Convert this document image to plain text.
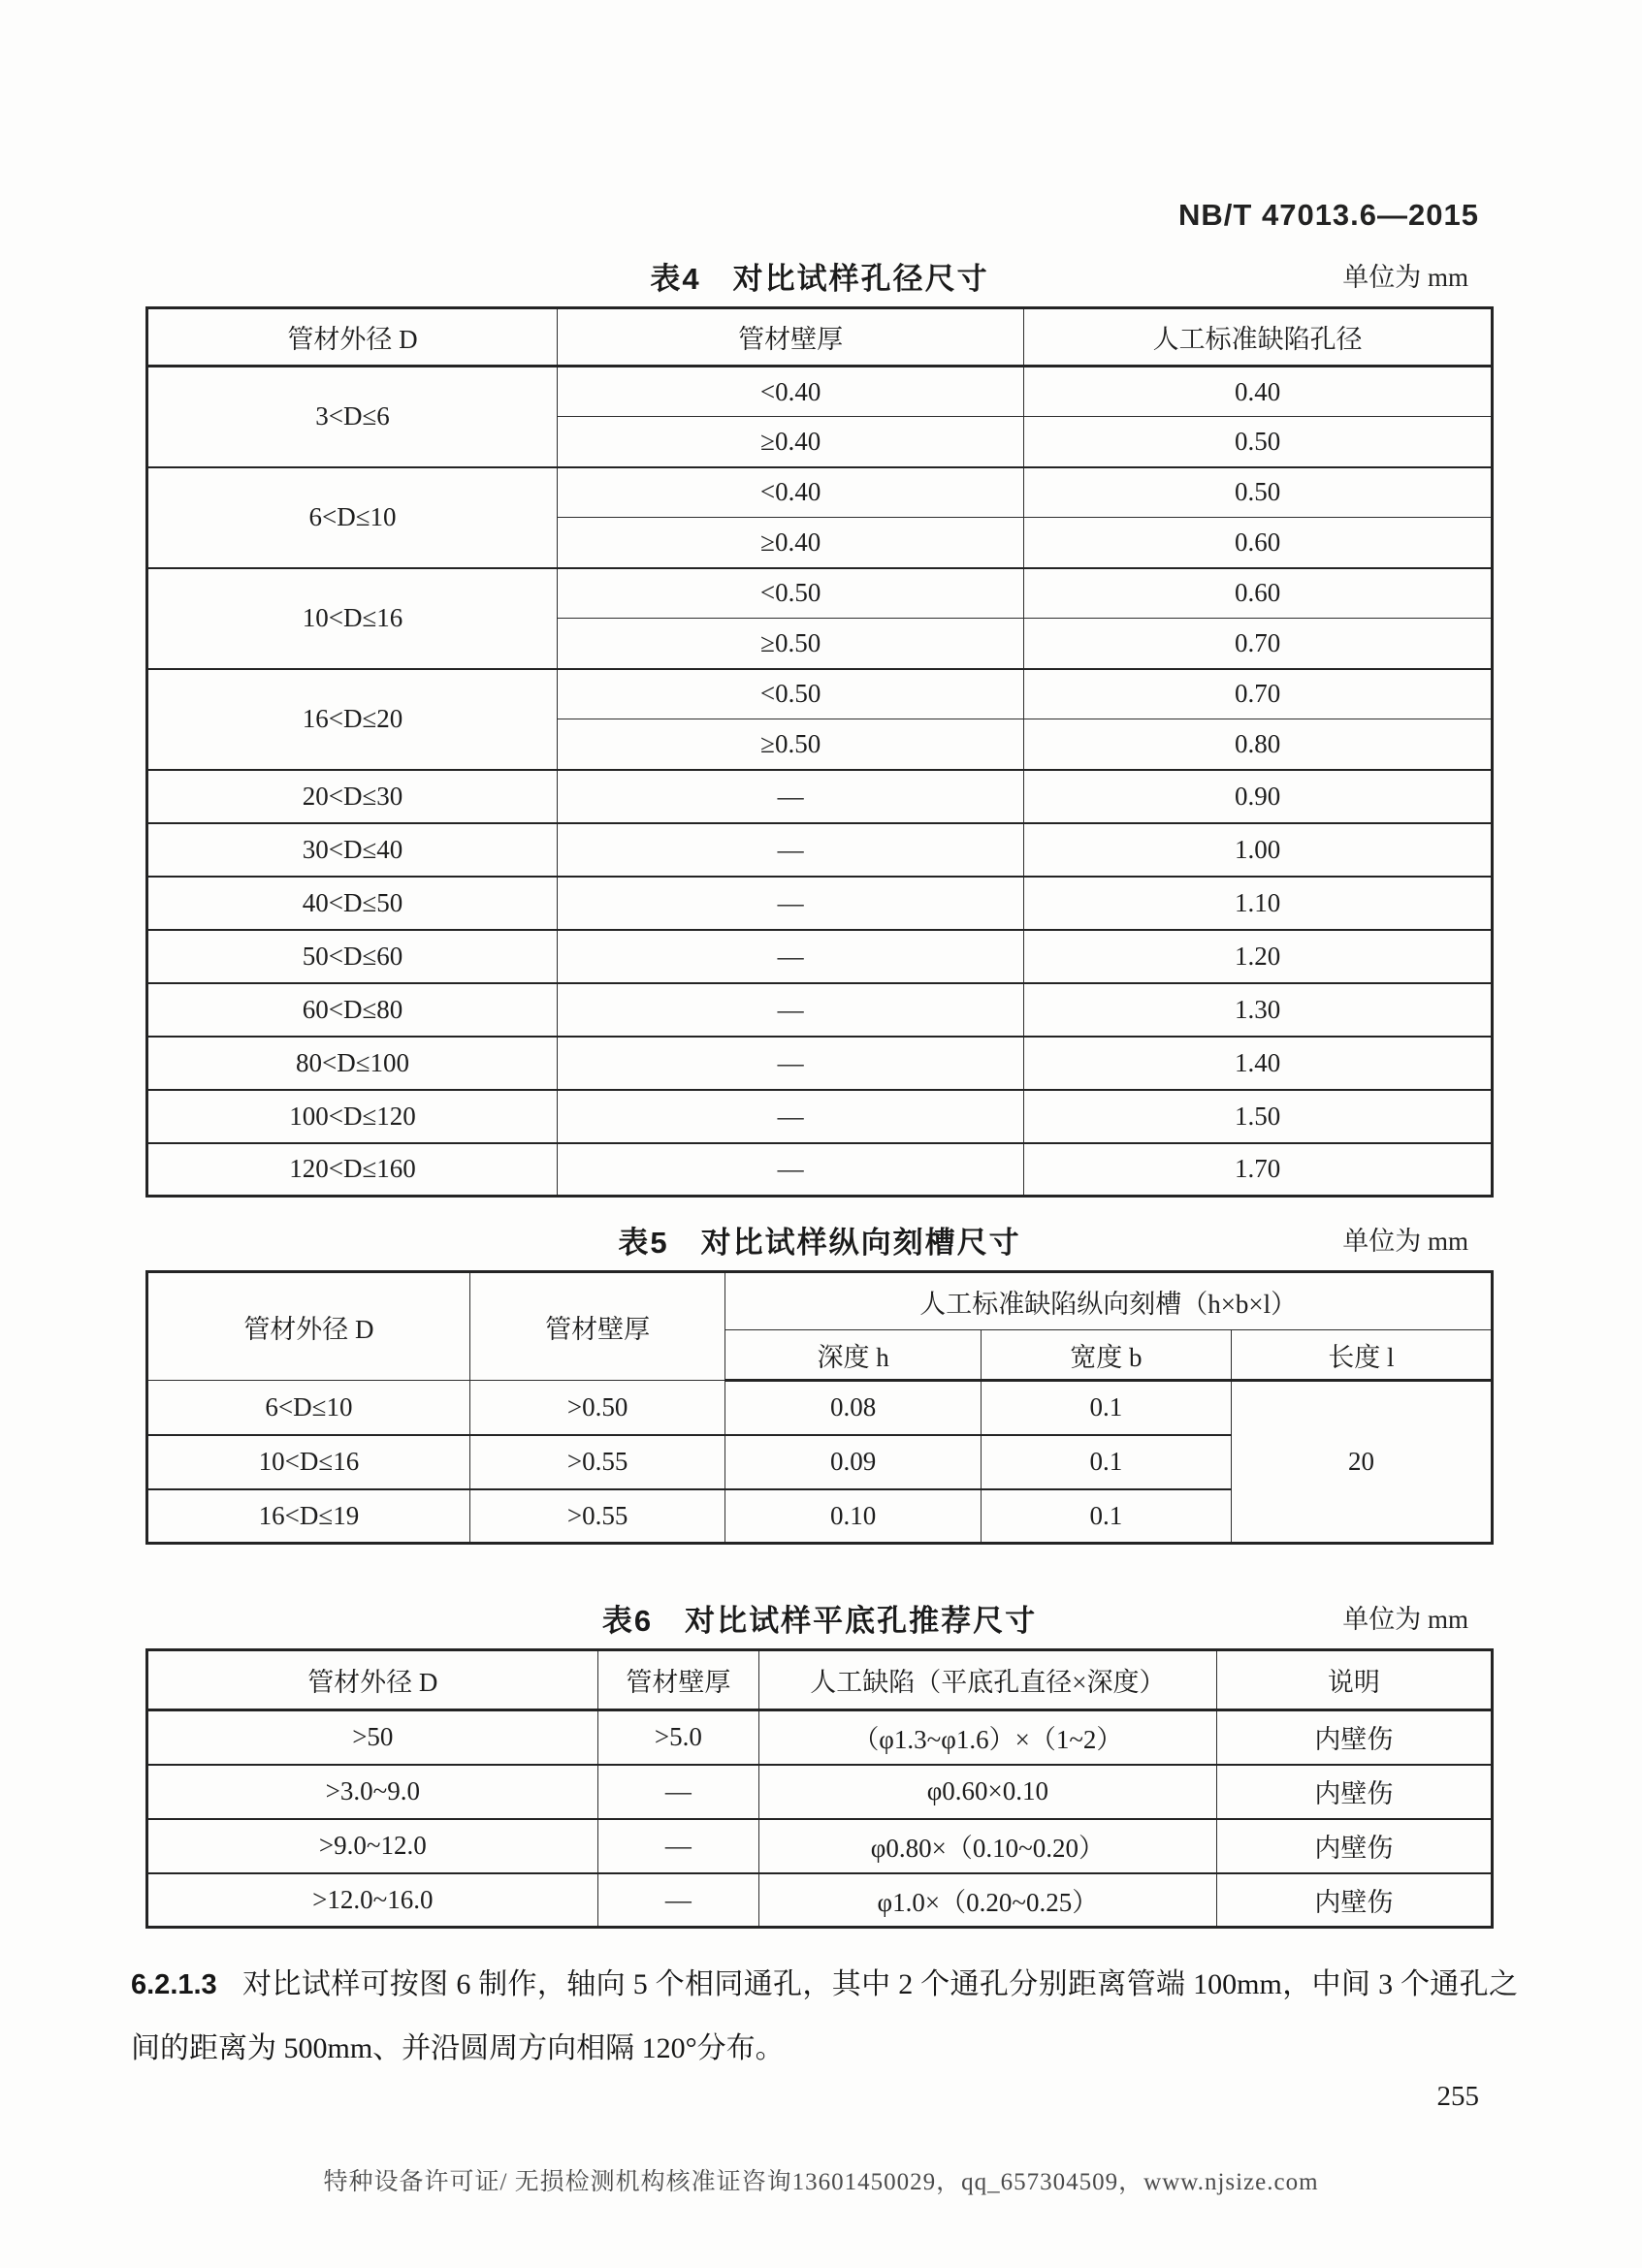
NB/T 47013.6—2015
表4　对比试样孔径尺寸	单位为 mm
管材外径 D	管材壁厚	人工标准缺陷孔径
3<D≤6	<0.40	0.40
	≥0.40	0.50
6<D≤10	<0.40	0.50
	≥0.40	0.60
10<D≤16	<0.50	0.60
	≥0.50	0.70
16<D≤20	<0.50	0.70
	≥0.50	0.80
20<D≤30	—	0.90
30<D≤40	—	1.00
40<D≤50	—	1.10
50<D≤60	—	1.20
60<D≤80	—	1.30
80<D≤100	—	1.40
100<D≤120	—	1.50
120<D≤160	—	1.70
表5　对比试样纵向刻槽尺寸	单位为 mm
管材外径 D	管材壁厚	人工标准缺陷纵向刻槽（h×b×l）		
		深度 h	宽度 b	长度 l
6<D≤10	>0.50	0.08	0.1	20
10<D≤16	>0.55	0.09	0.1	
16<D≤19	>0.55	0.10	0.1	
表6　对比试样平底孔推荐尺寸	单位为 mm
管材外径 D	管材壁厚	人工缺陷（平底孔直径×深度）	说明
>50	>5.0	（φ1.3~φ1.6）×（1~2）	内壁伤
>3.0~9.0	—	φ0.60×0.10	内壁伤
>9.0~12.0	—	φ0.80×（0.10~0.20）	内壁伤
>12.0~16.0	—	φ1.0×（0.20~0.25）	内壁伤
6.2.1.3 对比试样可按图 6 制作，轴向 5 个相同通孔，其中 2 个通孔分别距离管端 100mm，中间 3 个通孔之间的距离为 500mm、并沿圆周方向相隔 120°分布。
255
特种设备许可证/ 无损检测机构核准证咨询13601450029，qq_657304509，www.njsize.com
